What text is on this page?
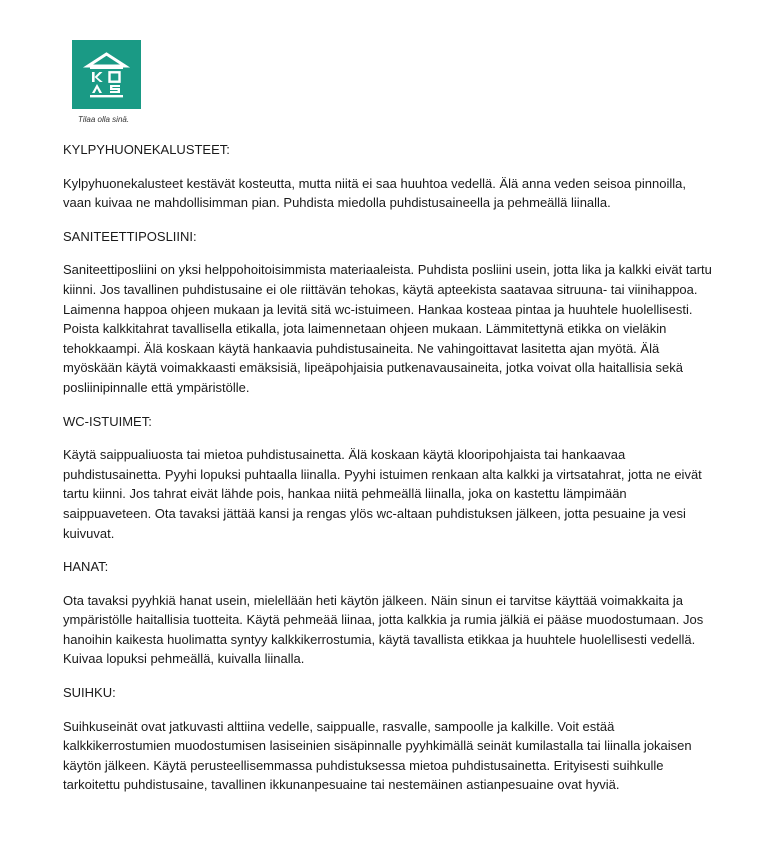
Tilaa olla sinä.

KYLPYHUONEKALUSTEET:

Kylpyhuonekalusteet kestävät kosteutta, mutta niitä ei saa huuhtoa vedellä. Älä anna veden seisoa pinnoilla, vaan kuivaa ne mahdollisimman pian. Puhdista miedolla puhdistusaineella ja pehmeällä liinalla.

SANITEETTIPOSLIINI:

Saniteettiposliini on yksi helppohoitoisimmista materiaaleista. Puhdista posliini usein, jotta lika ja kalkki eivät tartu kiinni. Jos tavallinen puhdistusaine ei ole riittävän tehokas, käytä apteekista saatavaa sitruuna- tai viinihappoa. Laimenna happoa ohjeen mukaan ja levitä sitä wc-istuimeen. Hankaa kosteaa pintaa ja huuhtele huolellisesti. Poista kalkkitahrat tavallisella etikalla, jota laimennetaan ohjeen mukaan. Lämmitettynä etikka on vieläkin tehokkaampi. Älä koskaan käytä hankaavia puhdistusaineita. Ne vahingoittavat lasitetta ajan myötä. Älä myöskään käytä voimakkaasti emäksisiä, lipeäpohjaisia putkenavausaineita, jotka voivat olla haitallisia sekä posliinipinnalle että ympäristölle.

WC-ISTUIMET:

Käytä saippualiuosta tai mietoa puhdistusainetta. Älä koskaan käytä klooripohjaista tai hankaavaa puhdistusainetta. Pyyhi lopuksi puhtaalla liinalla. Pyyhi istuimen renkaan alta kalkki ja virtsatahrat, jotta ne eivät tartu kiinni. Jos tahrat eivät lähde pois, hankaa niitä pehmeällä liinalla, joka on kastettu lämpimään saippuaveteen. Ota tavaksi jättää kansi ja rengas ylös wc-altaan puhdistuksen jälkeen, jotta pesuaine ja vesi kuivuvat.

HANAT:

Ota tavaksi pyyhkiä hanat usein, mielellään heti käytön jälkeen. Näin sinun ei tarvitse käyttää voimakkaita ja ympäristölle haitallisia tuotteita. Käytä pehmeää liinaa, jotta kalkkia ja rumia jälkiä ei pääse muodostumaan. Jos hanoihin kaikesta huolimatta syntyy kalkkikerrostumia, käytä tavallista etikkaa ja huuhtele huolellisesti vedellä. Kuivaa lopuksi pehmeällä, kuivalla liinalla.

SUIHKU:

Suihkuseinät ovat jatkuvasti alttiina vedelle, saippualle, rasvalle, sampoolle ja kalkille. Voit estää kalkkikerrostumien muodostumisen lasiseinien sisäpinnalle pyyhkimällä seinät kumilastalla tai liinalla jokaisen käytön jälkeen. Käytä perusteellisemmassa puhdistuksessa mietoa puhdistusainetta. Erityisesti suihkulle tarkoitettu puhdistusaine, tavallinen ikkunanpesuaine tai nestemäinen astianpesuaine ovat hyviä.
